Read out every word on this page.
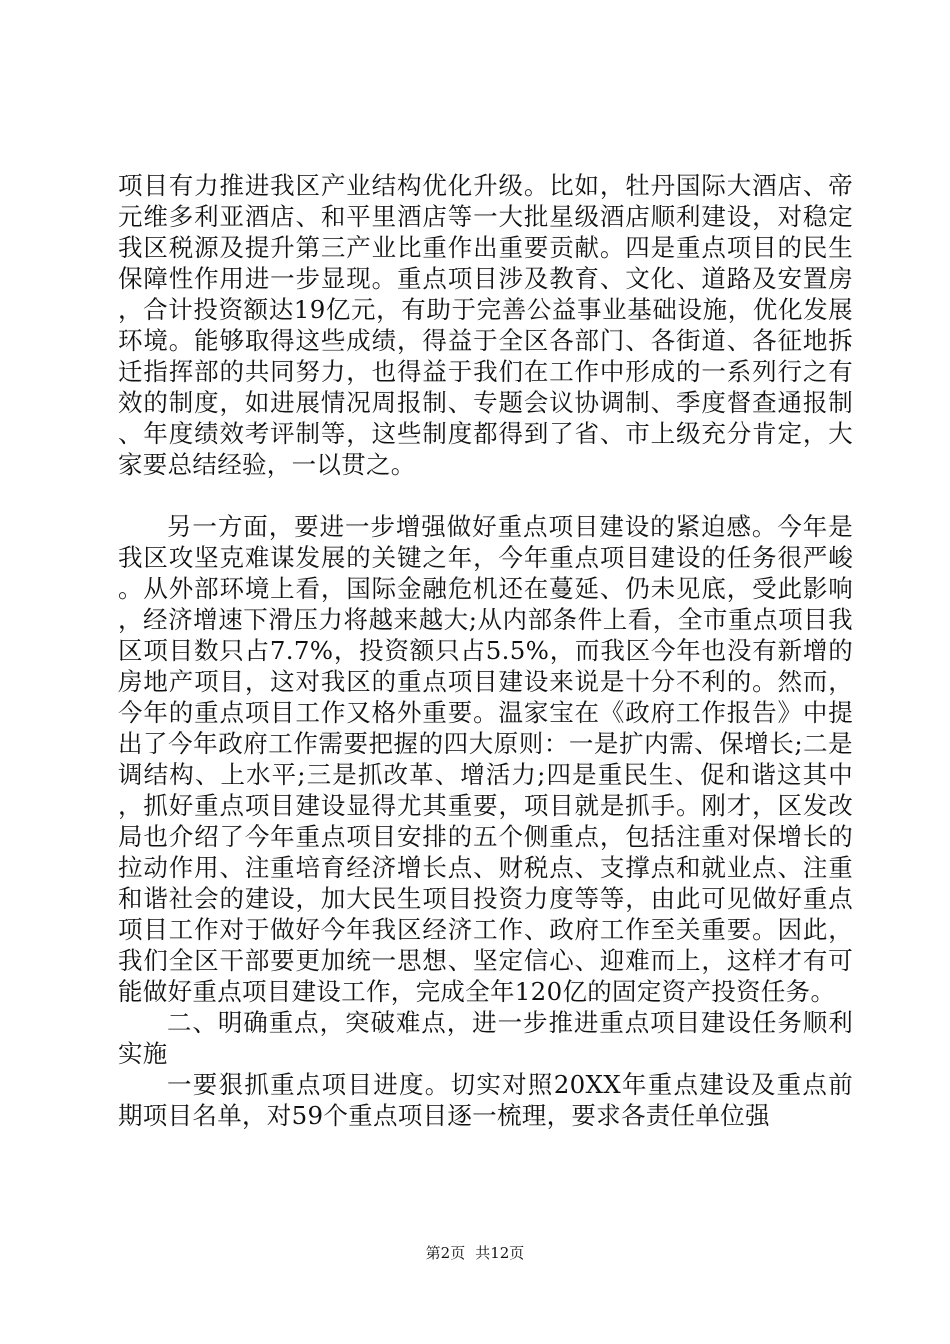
项目有力推进我区产业结构优化升级。比如，牡丹国际大酒店、帝元维多利亚酒店、和平里酒店等一大批星级酒店顺利建设，对稳定我区税源及提升第三产业比重作出重要贡献。四是重点项目的民生保障性作用进一步显现。重点项目涉及教育、文化、道路及安置房，合计投资额达19亿元，有助于完善公益事业基础设施，优化发展环境。能够取得这些成绩，得益于全区各部门、各街道、各征地拆迁指挥部的共同努力，也得益于我们在工作中形成的一系列行之有效的制度，如进展情况周报制、专题会议协调制、季度督查通报制、年度绩效考评制等，这些制度都得到了省、市上级充分肯定，大家要总结经验，一以贯之。

另一方面，要进一步增强做好重点项目建设的紧迫感。今年是我区攻坚克难谋发展的关键之年，今年重点项目建设的任务很严峻。从外部环境上看，国际金融危机还在蔓延、仍未见底，受此影响，经济增速下滑压力将越来越大;从内部条件上看，全市重点项目我区项目数只占7.7%，投资额只占5.5%，而我区今年也没有新增的房地产项目，这对我区的重点项目建设来说是十分不利的。然而，今年的重点项目工作又格外重要。温家宝在《政府工作报告》中提出了今年政府工作需要把握的四大原则：一是扩内需、保增长;二是调结构、上水平;三是抓改革、增活力;四是重民生、促和谐这其中，抓好重点项目建设显得尤其重要，项目就是抓手。刚才，区发改局也介绍了今年重点项目安排的五个侧重点，包括注重对保增长的拉动作用、注重培育经济增长点、财税点、支撑点和就业点、注重和谐社会的建设，加大民生项目投资力度等等，由此可见做好重点项目工作对于做好今年我区经济工作、政府工作至关重要。因此，我们全区干部要更加统一思想、坚定信心、迎难而上，这样才有可能做好重点项目建设工作，完成全年120亿的固定资产投资任务。

二、明确重点，突破难点，进一步推进重点项目建设任务顺利实施

一要狠抓重点项目进度。切实对照20XX年重点建设及重点前期项目名单，对59个重点项目逐一梳理，要求各责任单位强

第2页 共12页
